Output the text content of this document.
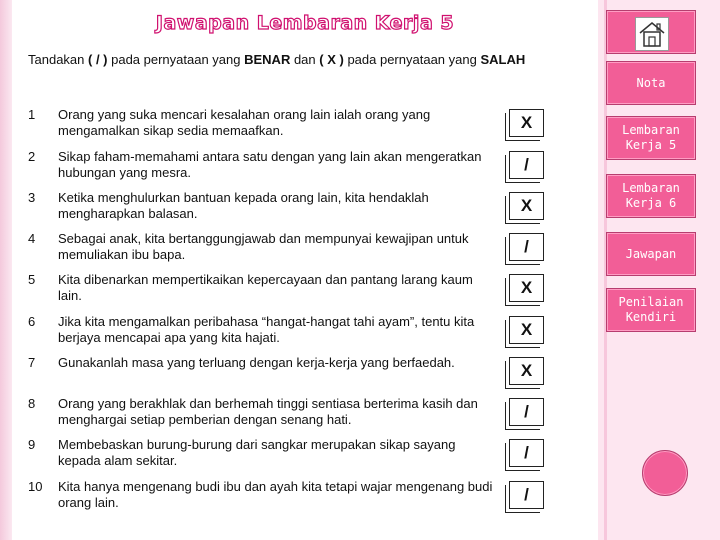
Jawapan Lembaran Kerja 5
Tandakan ( / ) pada pernyataan yang BENAR dan ( X ) pada pernyataan yang SALAH
1 Orang yang suka mencari kesalahan orang lain ialah orang yang mengamalkan sikap sedia memaafkan.	X
2 Sikap faham-memahami antara satu dengan yang lain akan mengeratkan hubungan yang mesra.	/
3 Ketika menghulurkan bantuan kepada orang lain, kita hendaklah mengharapkan balasan.	X
4 Sebagai anak, kita bertanggungjawab dan mempunyai kewajipan untuk memuliakan ibu bapa.	/
5 Kita dibenarkan mempertikaikan kepercayaan dan pantang larang kaum lain.	X
6 Jika kita mengamalkan peribahasa “hangat-hangat tahi ayam”, tentu kita berjaya mencapai apa yang kita hajati.	X
7 Gunakanlah masa yang terluang dengan kerja-kerja yang berfaedah.	X
8 Orang yang berakhlak dan berhemah tinggi sentiasa berterima kasih dan menghargai setiap pemberian dengan senang hati.	/
9 Membebaskan burung-burung dari sangkar merupakan sikap sayang kepada alam sekitar.	/
10 Kita hanya mengenang budi ibu dan ayah kita tetapi wajar mengenang budi orang lain.	/
Nota
Lembaran Kerja 5
Lembaran Kerja 6
Jawapan
Penilaian Kendiri
